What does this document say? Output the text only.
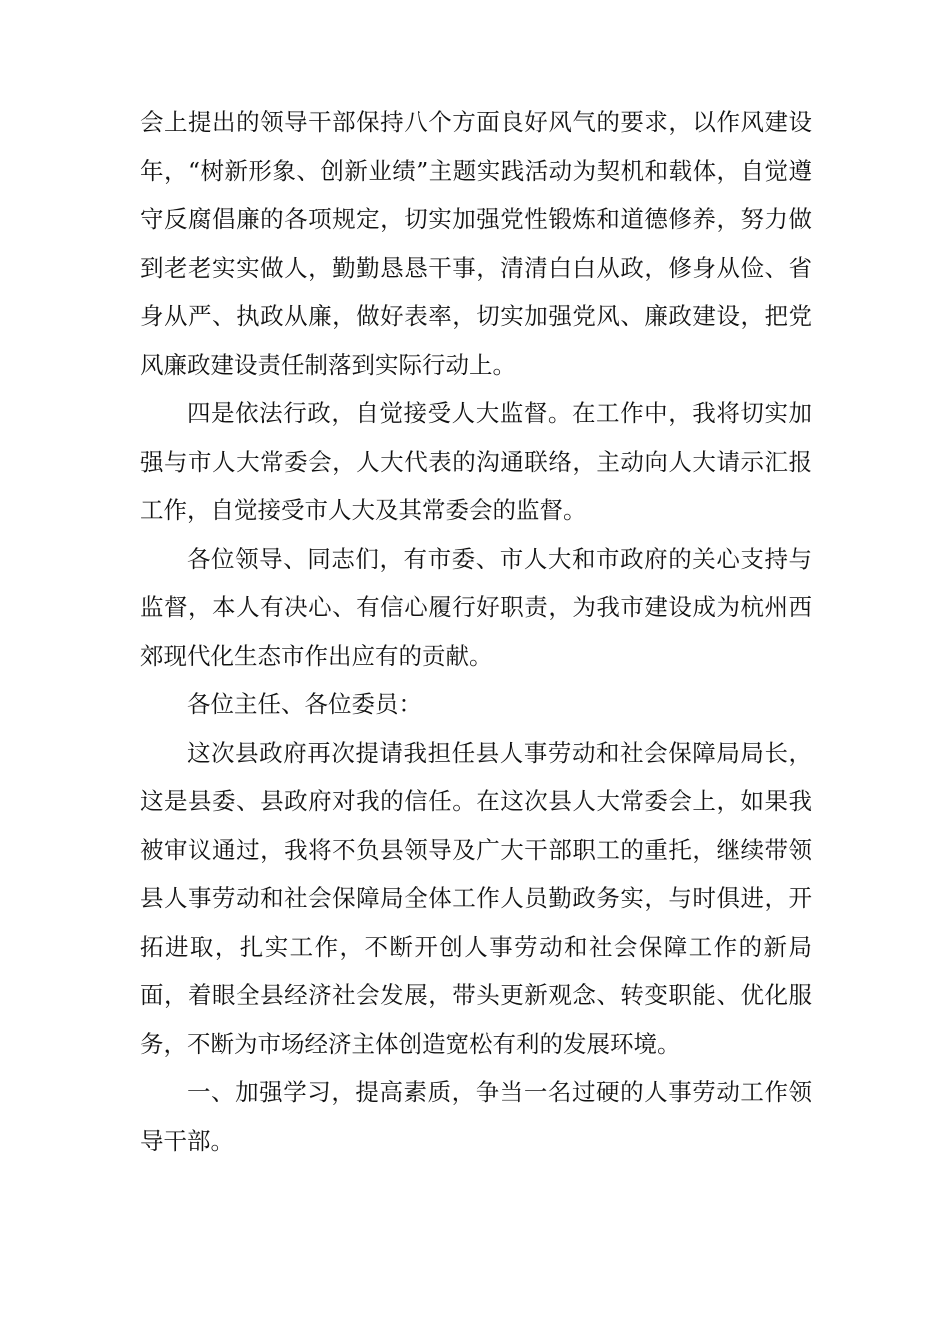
会上提出的领导干部保持八个方面良好风气的要求，以作风建设年，“树新形象、创新业绩”主题实践活动为契机和载体，自觉遵守反腐倡廉的各项规定，切实加强党性锻炼和道德修养，努力做到老老实实做人，勤勤恳恳干事，清清白白从政，修身从俭、省身从严、执政从廉，做好表率，切实加强党风、廉政建设，把党风廉政建设责任制落到实际行动上。

四是依法行政，自觉接受人大监督。在工作中，我将切实加强与市人大常委会，人大代表的沟通联络，主动向人大请示汇报工作，自觉接受市人大及其常委会的监督。

各位领导、同志们，有市委、市人大和市政府的关心支持与监督，本人有决心、有信心履行好职责，为我市建设成为杭州西郊现代化生态市作出应有的贡献。

各位主任、各位委员：

这次县政府再次提请我担任县人事劳动和社会保障局局长，这是县委、县政府对我的信任。在这次县人大常委会上，如果我被审议通过，我将不负县领导及广大干部职工的重托，继续带领县人事劳动和社会保障局全体工作人员勤政务实，与时俱进，开拓进取，扎实工作，不断开创人事劳动和社会保障工作的新局面，着眼全县经济社会发展，带头更新观念、转变职能、优化服务，不断为市场经济主体创造宽松有利的发展环境。

一、加强学习，提高素质，争当一名过硬的人事劳动工作领导干部。
